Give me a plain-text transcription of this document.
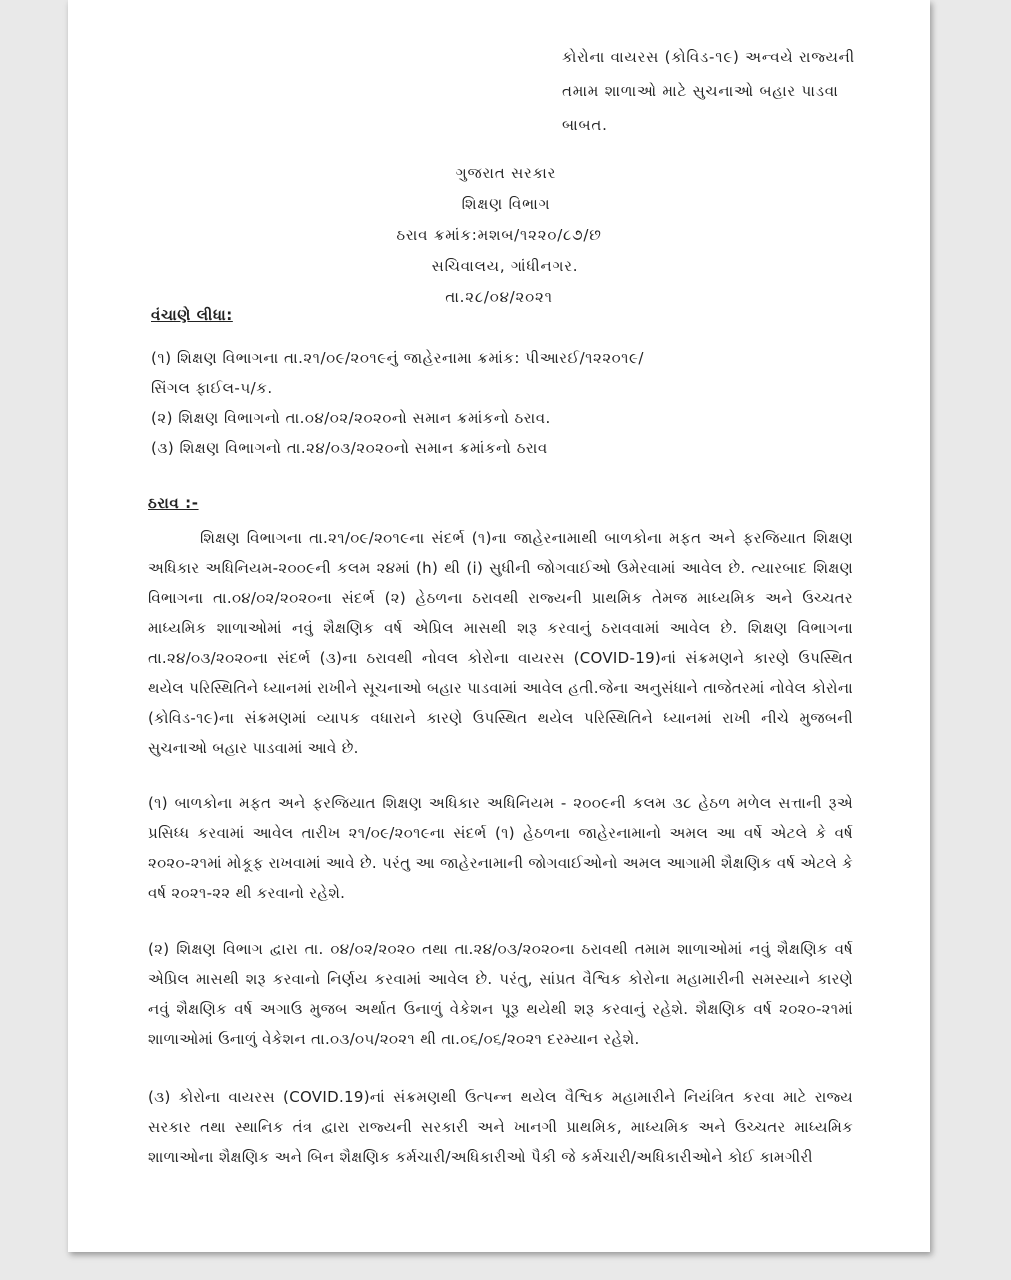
કોરોના વાયરસ (કોવિડ-૧૯) અન્વયે રાજ્યની
તમામ શાળાઓ માટે સુચનાઓ બહાર પાડવા
બાબત.
ગુજરાત સરકાર
શિક્ષણ વિભાગ
ઠરાવ ક્રમાંક:મશબ/૧૨૨૦/૮૭/છ
સચિવાલય, ગાંધીનગર.
તા.૨૮/૦૪/૨૦૨૧
વંચાણે લીધા:
(૧) શિક્ષણ વિભાગના તા.૨૧/૦૯/૨૦૧૯નું જાહેરનામા ક્રમાંક: પીઆરઈ/૧૨૨૦૧૯/
સિંગલ ફાઈલ-૫/ક.
(૨) શિક્ષણ વિભાગનો તા.૦૪/૦૨/૨૦૨૦નો સમાન ક્રમાંકનો ઠરાવ.
(૩) શિક્ષણ વિભાગનો તા.૨૪/૦૩/૨૦૨૦નો સમાન ક્રમાંકનો ઠરાવ
ઠરાવ :-
શિક્ષણ વિભાગના તા.૨૧/૦૯/૨૦૧૯ના સંદર્ભ (૧)ના જાહેરનામાથી બાળકોના મફત અને ફરજિયાત શિક્ષણ અધિકાર અધિનિયમ-૨૦૦૯ની કલમ ૨૪માં (h) થી (i) સુધીની જોગવાઈઓ ઉમેરવામાં આવેલ છે. ત્યારબાદ શિક્ષણ વિભાગના તા.૦૪/૦૨/૨૦૨૦ના સંદર્ભ (૨) હેઠળના ઠરાવથી રાજ્યની પ્રાથમિક તેમજ માધ્યમિક અને ઉચ્ચતર માધ્યમિક શાળાઓમાં નવું શૈક્ષણિક વર્ષ એપ્રિલ માસથી શરૂ કરવાનું ઠરાવવામાં આવેલ છે. શિક્ષણ વિભાગના તા.૨૪/૦૩/૨૦૨૦ના સંદર્ભ (૩)ના ઠરાવથી નોવલ કોરોના વાયરસ (COVID-19)નાં સંક્રમણને કારણે ઉપસ્થિત થયેલ પરિસ્થિતિને ધ્યાનમાં રાખીને સૂચનાઓ બહાર પાડવામાં આવેલ હતી.જેના અનુસંધાને તાજેતરમાં નોવેલ કોરોના (કોવિડ-૧૯)ના સંક્રમણમાં વ્યાપક વધારાને કારણે ઉપસ્થિત થયેલ પરિસ્થિતિને ધ્યાનમાં રાખી નીચે મુજબની સુચનાઓ બહાર પાડવામાં આવે છે.
(૧) બાળકોના મફત અને ફરજિયાત શિક્ષણ અધિકાર અધિનિયમ - ૨૦૦૯ની કલમ ૩૮ હેઠળ મળેલ સત્તાની રૂએ પ્રસિધ્ધ કરવામાં આવેલ તારીખ ૨૧/૦૯/૨૦૧૯ના સંદર્ભ (૧) હેઠળના જાહેરનામાનો અમલ આ વર્ષે એટલે કે વર્ષ ૨૦૨૦-૨૧માં મોકૂફ રાખવામાં આવે છે. પરંતુ આ જાહેરનામાની જોગવાઈઓનો અમલ આગામી શૈક્ષણિક વર્ષ એટલે કે વર્ષ ૨૦૨૧-૨૨ થી કરવાનો રહેશે.
(૨) શિક્ષણ વિભાગ દ્વારા તા. ૦૪/૦૨/૨૦૨૦ તથા તા.૨૪/૦૩/૨૦૨૦ના ઠરાવથી તમામ શાળાઓમાં નવું શૈક્ષણિક વર્ષ એપ્રિલ માસથી શરૂ કરવાનો નિર્ણય કરવામાં આવેલ છે. પરંતુ, સાંપ્રત વૈશ્વિક કોરોના મહામારીની સમસ્યાને કારણે નવું શૈક્ષણિક વર્ષ અગાઉ મુજબ અર્થાત ઉનાળું વેકેશન પૂરૂ થયેથી શરૂ કરવાનું રહેશે. શૈક્ષણિક વર્ષ ૨૦૨૦-૨૧માં શાળાઓમાં ઉનાળું વેકેશન તા.૦૩/૦૫/૨૦૨૧ થી તા.૦૬/૦૬/૨૦૨૧ દરમ્યાન રહેશે.
(૩) કોરોના વાયરસ (COVID.19)નાં સંક્રમણથી ઉત્પન્ન થયેલ વૈશ્વિક મહામારીને નિયંત્રિત કરવા માટે રાજ્ય સરકાર તથા સ્થાનિક તંત્ર દ્વારા રાજ્યની સરકારી અને ખાનગી પ્રાથમિક, માધ્યમિક અને ઉચ્ચતર માધ્યમિક શાળાઓના શૈક્ષણિક અને બિન શૈક્ષણિક કર્મચારી/અધિકારીઓ પૈકી જે કર્મચારી/અધિકારીઓને કોઈ કામગીરી
